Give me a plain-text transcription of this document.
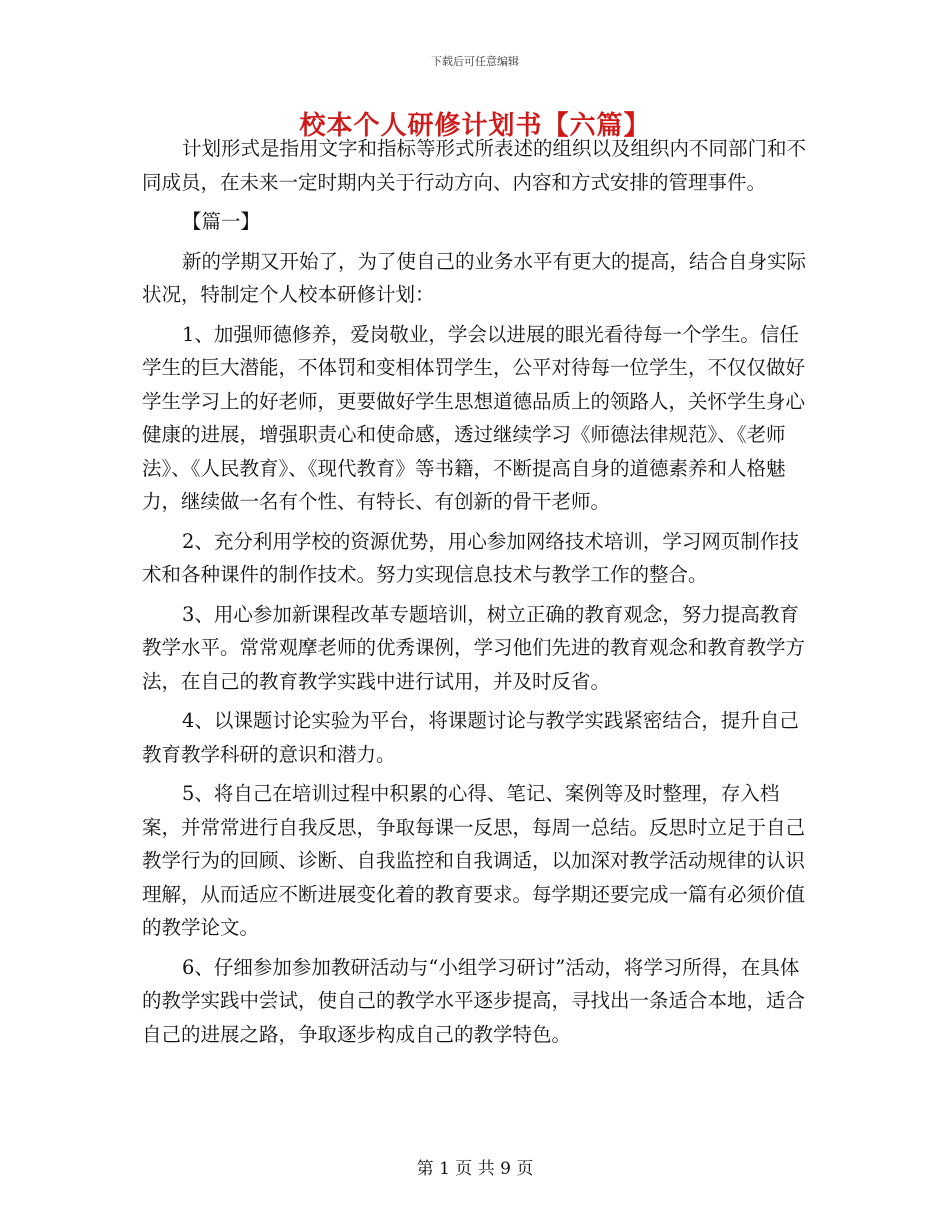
下载后可任意编辑
校本个人研修计划书【六篇】

计划形式是指用文字和指标等形式所表述的组织以及组织内不同部门和不同成员，在未来一定时期内关于行动方向、内容和方式安排的管理事件。

【篇一】

新的学期又开始了，为了使自己的业务水平有更大的提高，结合自身实际状况，特制定个人校本研修计划：

1、加强师德修养，爱岗敬业，学会以进展的眼光看待每一个学生。信任学生的巨大潜能，不体罚和变相体罚学生，公平对待每一位学生，不仅仅做好学生学习上的好老师，更要做好学生思想道德品质上的领路人，关怀学生身心健康的进展，增强职责心和使命感，透过继续学习《师德法律规范》、《老师法》、《人民教育》、《现代教育》等书籍，不断提高自身的道德素养和人格魅力，继续做一名有个性、有特长、有创新的骨干老师。

2、充分利用学校的资源优势，用心参加网络技术培训，学习网页制作技术和各种课件的制作技术。努力实现信息技术与教学工作的整合。

3、用心参加新课程改革专题培训，树立正确的教育观念，努力提高教育教学水平。常常观摩老师的优秀课例，学习他们先进的教育观念和教育教学方法，在自己的教育教学实践中进行试用，并及时反省。

4、以课题讨论实验为平台，将课题讨论与教学实践紧密结合，提升自己教育教学科研的意识和潜力。

5、将自己在培训过程中积累的心得、笔记、案例等及时整理，存入档案，并常常进行自我反思，争取每课一反思，每周一总结。反思时立足于自己教学行为的回顾、诊断、自我监控和自我调适，以加深对教学活动规律的认识理解，从而适应不断进展变化着的教育要求。每学期还要完成一篇有必须价值的教学论文。

6、仔细参加参加教研活动与“小组学习研讨”活动，将学习所得，在具体的教学实践中尝试，使自己的教学水平逐步提高，寻找出一条适合本地，适合自己的进展之路，争取逐步构成自己的教学特色。

第 1 页 共 9 页
